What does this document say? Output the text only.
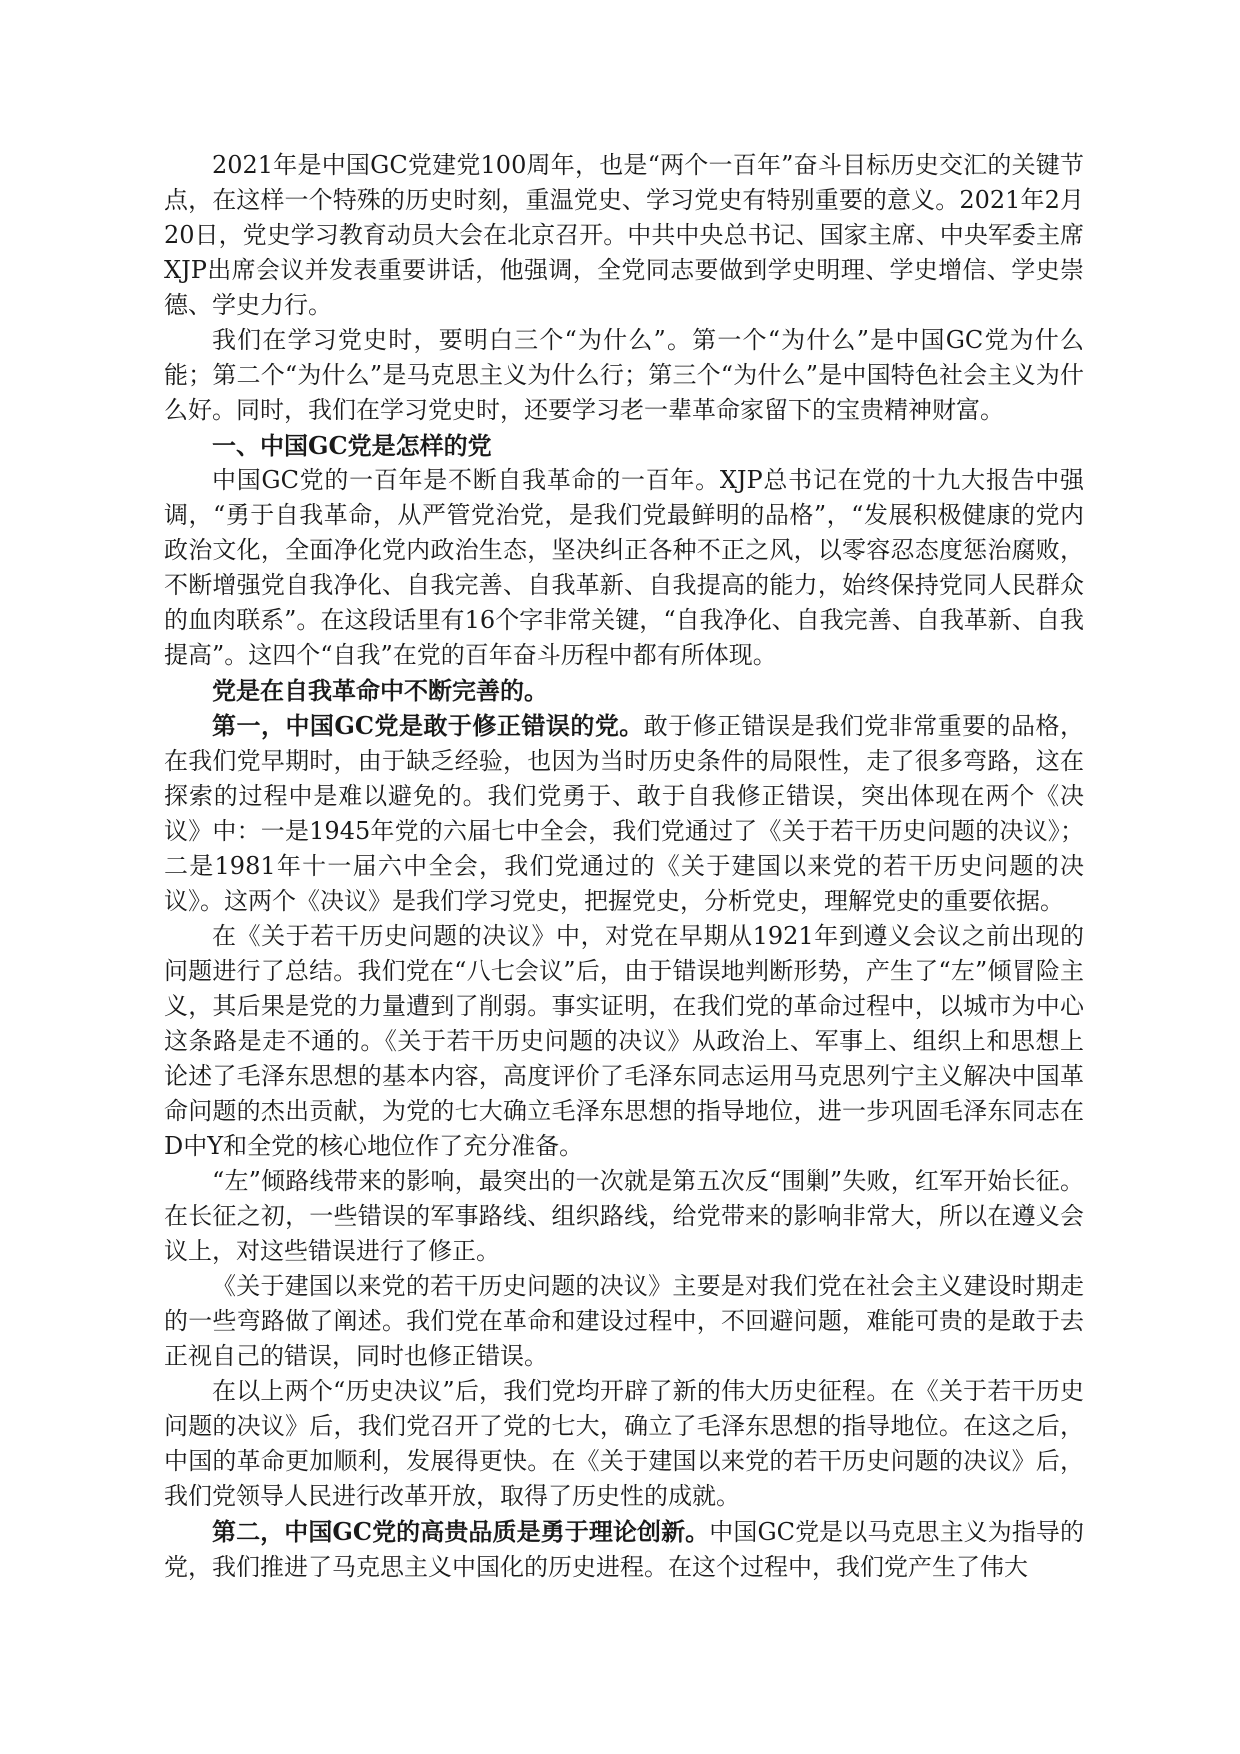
2021年是中国GC党建党100周年，也是“两个一百年”奋斗目标历史交汇的关键节点，在这样一个特殊的历史时刻，重温党史、学习党史有特别重要的意义。2021年2月20日，党史学习教育动员大会在北京召开。中共中央总书记、国家主席、中央军委主席XJP出席会议并发表重要讲话，他强调，全党同志要做到学史明理、学史增信、学史崇德、学史力行。

我们在学习党史时，要明白三个“为什么”。第一个“为什么”是中国GC党为什么能；第二个“为什么”是马克思主义为什么行；第三个“为什么”是中国特色社会主义为什么好。同时，我们在学习党史时，还要学习老一辈革命家留下的宝贵精神财富。

一、中国GC党是怎样的党

中国GC党的一百年是不断自我革命的一百年。XJP总书记在党的十九大报告中强调，“勇于自我革命，从严管党治党，是我们党最鲜明的品格”，“发展积极健康的党内政治文化，全面净化党内政治生态，坚决纠正各种不正之风，以零容忍态度惩治腐败，不断增强党自我净化、自我完善、自我革新、自我提高的能力，始终保持党同人民群众的血肉联系”。在这段话里有16个字非常关键，“自我净化、自我完善、自我革新、自我提高”。这四个“自我”在党的百年奋斗历程中都有所体现。

党是在自我革命中不断完善的。

第一，中国GC党是敢于修正错误的党。敢于修正错误是我们党非常重要的品格，在我们党早期时，由于缺乏经验，也因为当时历史条件的局限性，走了很多弯路，这在探索的过程中是难以避免的。我们党勇于、敢于自我修正错误，突出体现在两个《决议》中：一是1945年党的六届七中全会，我们党通过了《关于若干历史问题的决议》；二是1981年十一届六中全会，我们党通过的《关于建国以来党的若干历史问题的决议》。这两个《决议》是我们学习党史，把握党史，分析党史，理解党史的重要依据。

在《关于若干历史问题的决议》中，对党在早期从1921年到遵义会议之前出现的问题进行了总结。我们党在“八七会议”后，由于错误地判断形势，产生了“左”倾冒险主义，其后果是党的力量遭到了削弱。事实证明，在我们党的革命过程中，以城市为中心这条路是走不通的。《关于若干历史问题的决议》从政治上、军事上、组织上和思想上论述了毛泽东思想的基本内容，高度评价了毛泽东同志运用马克思列宁主义解决中国革命问题的杰出贡献，为党的七大确立毛泽东思想的指导地位，进一步巩固毛泽东同志在D中Y和全党的核心地位作了充分准备。

“左”倾路线带来的影响，最突出的一次就是第五次反“围剿”失败，红军开始长征。在长征之初，一些错误的军事路线、组织路线，给党带来的影响非常大，所以在遵义会议上，对这些错误进行了修正。

《关于建国以来党的若干历史问题的决议》主要是对我们党在社会主义建设时期走的一些弯路做了阐述。我们党在革命和建设过程中，不回避问题，难能可贵的是敢于去正视自己的错误，同时也修正错误。

在以上两个“历史决议”后，我们党均开辟了新的伟大历史征程。在《关于若干历史问题的决议》后，我们党召开了党的七大，确立了毛泽东思想的指导地位。在这之后，中国的革命更加顺利，发展得更快。在《关于建国以来党的若干历史问题的决议》后，我们党领导人民进行改革开放，取得了历史性的成就。

第二，中国GC党的高贵品质是勇于理论创新。中国GC党是以马克思主义为指导的党，我们推进了马克思主义中国化的历史进程。在这个过程中，我们党产生了伟大
